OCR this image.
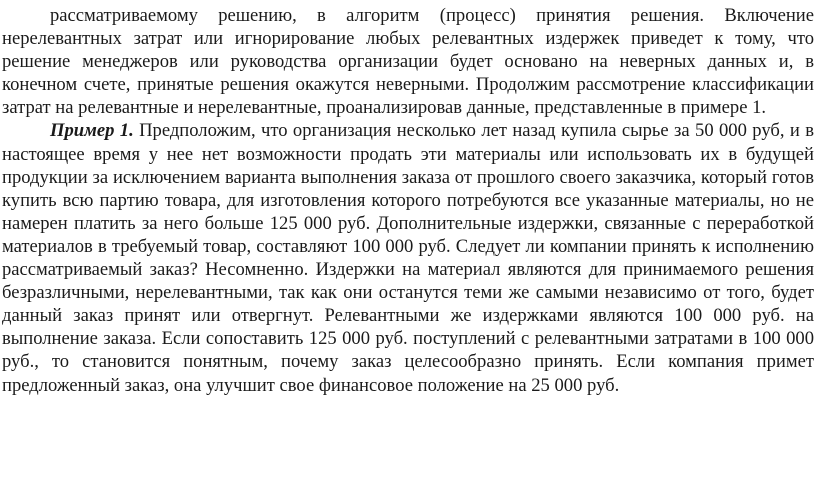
рассматриваемому решению, в алгоритм (процесс) принятия решения. Включение нерелевантных затрат или игнорирование любых релевантных издержек приведет к тому, что решение менеджеров или руководства организации будет основано на неверных данных и, в конечном счете, принятые решения окажутся неверными. Продолжим рассмотрение классификации затрат на релевантные и нерелевантные, проанализировав данные, представленные в примере 1.

Пример 1. Предположим, что организация несколько лет назад купила сырье за 50 000 руб, и в настоящее время у нее нет возможности продать эти материалы или использовать их в будущей продукции за исключением варианта выполнения заказа от прошлого своего заказчика, который готов купить всю партию товара, для изготовления которого потребуются все указанные материалы, но не намерен платить за него больше 125 000 руб. Дополнительные издержки, связанные с переработкой материалов в требуемый товар, составляют 100 000 руб. Следует ли компании принять к исполнению рассматриваемый заказ? Несомненно. Издержки на материал являются для принимаемого решения безразличными, нерелевантными, так как они останутся теми же самыми независимо от того, будет данный заказ принят или отвергнут. Релевантными же издержками являются 100 000 руб. на выполнение заказа. Если сопоставить 125 000 руб. поступлений с релевантными затратами в 100 000 руб., то становится понятным, почему заказ целесообразно принять. Если компания примет предложенный заказ, она улучшит свое финансовое положение на 25 000 руб.
